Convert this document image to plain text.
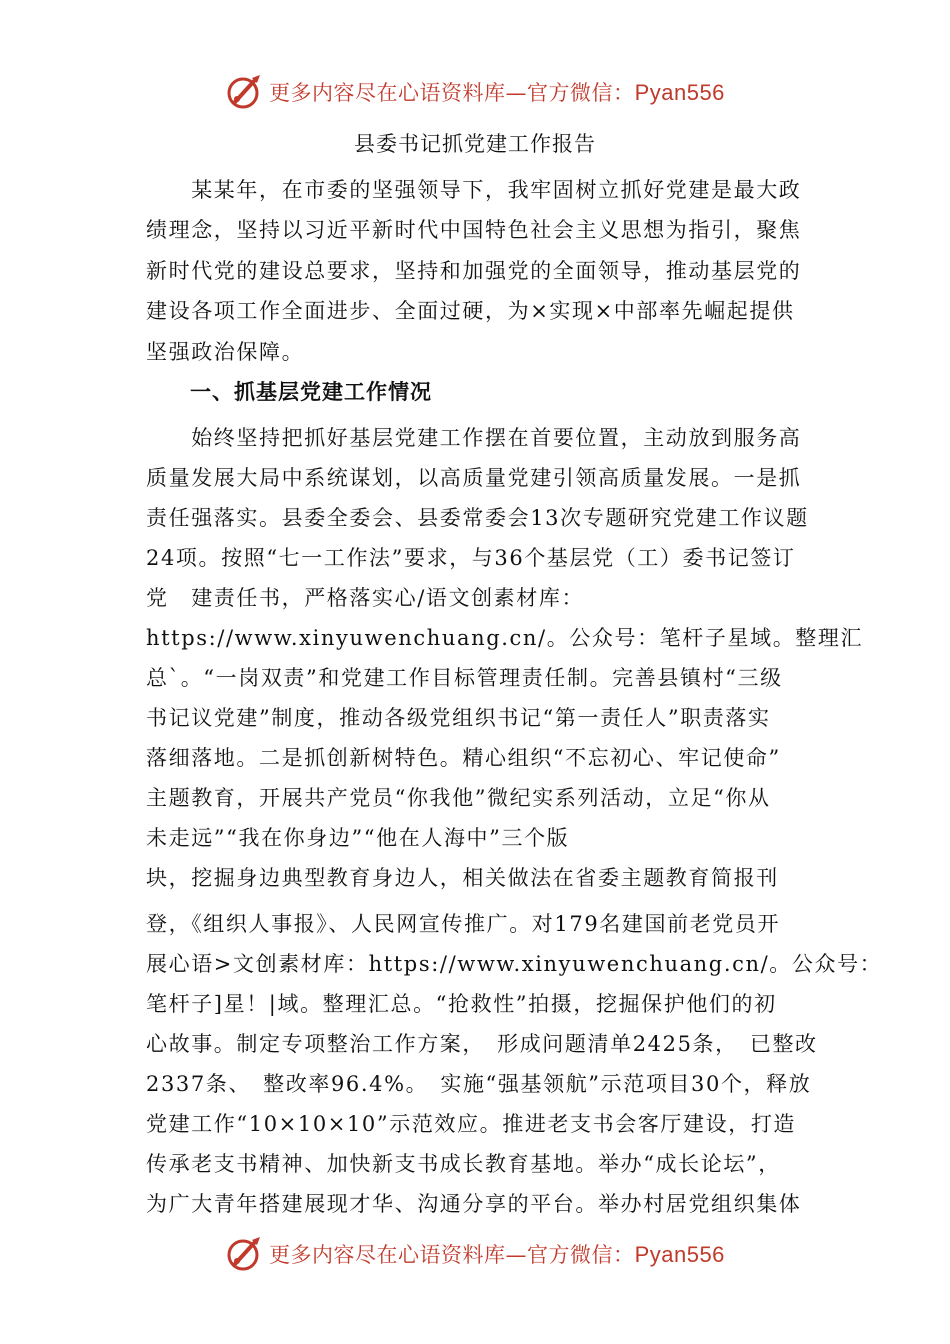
更多内容尽在心语资料库—官方微信：Pyan556
县委书记抓党建工作报告
　　某某年，在市委的坚强领导下，我牢固树立抓好党建是最大政
绩理念，坚持以习近平新时代中国特色社会主义思想为指引，聚焦
新时代党的建设总要求，坚持和加强党的全面领导，推动基层党的
建设各项工作全面进步、全面过硬，为×实现×中部率先崛起提供
坚强政治保障。
　　一、抓基层党建工作情况
　　始终坚持把抓好基层党建工作摆在首要位置，主动放到服务高
质量发展大局中系统谋划，以高质量党建引领高质量发展。一是抓
责任强落实。县委全委会、县委常委会13次专题研究党建工作议题
24项。按照“七一工作法”要求，与36个基层党（工）委书记签订
党　建责任书，严格落实心/语文创素材库：
https://www.xinyuwenchuang.cn/。公众号：笔杆子星域。整理汇
总`。“一岗双责”和党建工作目标管理责任制。完善县镇村“三级
书记议党建”制度，推动各级党组织书记“第一责任人”职责落实
落细落地。二是抓创新树特色。精心组织“不忘初心、牢记使命”
主题教育，开展共产党员“你我他”微纪实系列活动，立足“你从
未走远”“我在你身边”“他在人海中”三个版
块，挖掘身边典型教育身边人，相关做法在省委主题教育简报刊
登，《组织人事报》、人民网宣传推广。对179名建国前老党员开
展心语>文创素材库：https://www.xinyuwenchuang.cn/。公众号：
笔杆子]星！|域。整理汇总。“抢救性”拍摄，挖掘保护他们的初
心故事。制定专项整治工作方案，　形成问题清单2425条，　已整改
2337条、　整改率96.4%。　实施“强基领航”示范项目30个，释放
党建工作“10×10×10”示范效应。推进老支书会客厅建设，打造
传承老支书精神、加快新支书成长教育基地。举办“成长论坛”，
为广大青年搭建展现才华、沟通分享的平台。举办村居党组织集体
更多内容尽在心语资料库—官方微信：Pyan556
